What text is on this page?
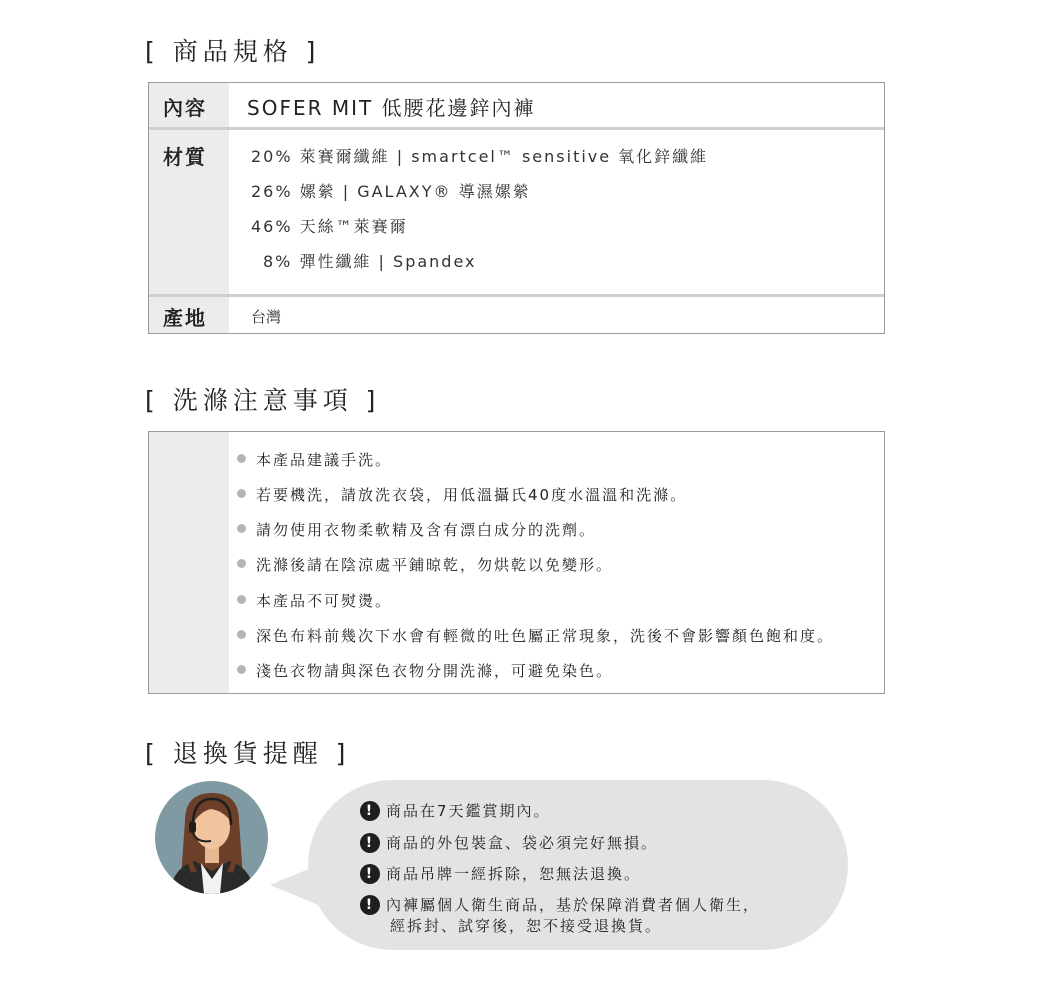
[ 商品規格 ]
內容 SOFER MIT 低腰花邊鋅內褲
材質	20% 萊賽爾纖維 | smartcel™ sensitive 氧化鋅纖維
26% 嫘縈 | GALAXY® 導濕嫘縈
46% 天絲™萊賽爾
8% 彈性纖維 | Spandex
產地	台灣
[ 洗滌注意事項 ]
本產品建議手洗。
若要機洗，請放洗衣袋，用低溫攝氏40度水溫溫和洗滌。
請勿使用衣物柔軟精及含有漂白成分的洗劑。
洗滌後請在陰涼處平鋪晾乾，勿烘乾以免變形。
本產品不可熨燙。
深色布料前幾次下水會有輕微的吐色屬正常現象，洗後不會影響顏色飽和度。
淺色衣物請與深色衣物分開洗滌，可避免染色。
[ 退換貨提醒 ]
! 商品在7天鑑賞期內。
! 商品的外包裝盒、袋必須完好無損。
! 商品吊牌一經拆除，恕無法退換。
! 內褲屬個人衛生商品，基於保障消費者個人衛生，
經拆封、試穿後，恕不接受退換貨。
